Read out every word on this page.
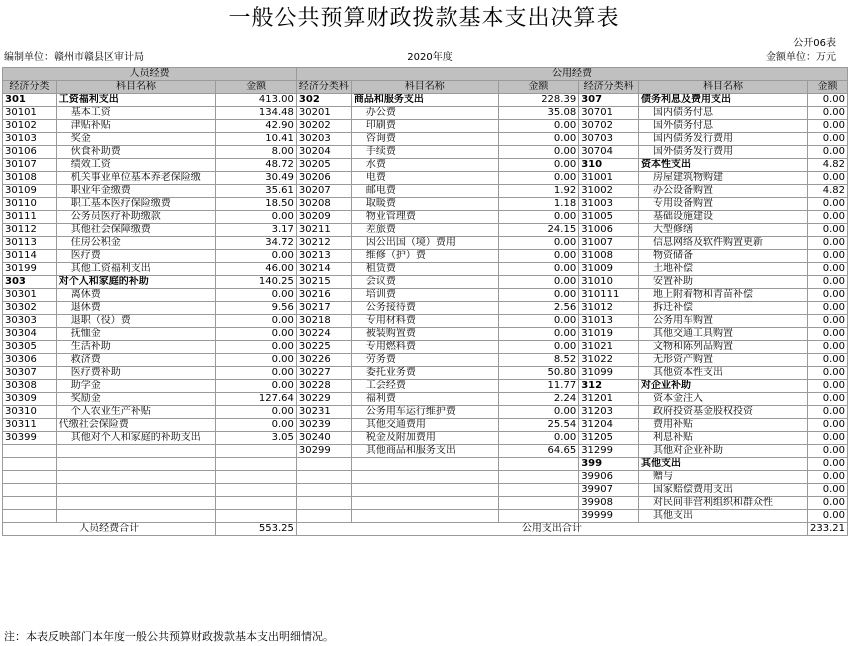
一般公共预算财政拨款基本支出决算表
公开06表
编制单位：赣州市赣县区审计局	2020年度	金额单位：万元
人员经费			公用经费					
经济分类	科目名称	金额	经济分类科	科目名称	金额	经济分类科	科目名称	金额
301	工资福利支出	413.00	302	商品和服务支出	228.39	307	债务利息及费用支出	0.00
30101	基本工资	134.48	30201	办公费	35.08	30701	国内债务付息	0.00
30102	津贴补贴	42.90	30202	印刷费	0.00	30702	国外债务付息	0.00
30103	奖金	10.41	30203	咨询费	0.00	30703	国内债务发行费用	0.00
30106	伙食补助费	8.00	30204	手续费	0.00	30704	国外债务发行费用	0.00
30107	绩效工资	48.72	30205	水费	0.00	310	资本性支出	4.82
30108	机关事业单位基本养老保险缴	30.49	30206	电费	0.00	31001	房屋建筑物购建	0.00
30109	职业年金缴费	35.61	30207	邮电费	1.92	31002	办公设备购置	4.82
30110	职工基本医疗保险缴费	18.50	30208	取暖费	1.18	31003	专用设备购置	0.00
30111	公务员医疗补助缴款	0.00	30209	物业管理费	0.00	31005	基础设施建设	0.00
30112	其他社会保障缴费	3.17	30211	差旅费	24.15	31006	大型修缮	0.00
30113	住房公积金	34.72	30212	因公出国（境）费用	0.00	31007	信息网络及软件购置更新	0.00
30114	医疗费	0.00	30213	维修（护）费	0.00	31008	物资储备	0.00
30199	其他工资福利支出	46.00	30214	租赁费	0.00	31009	土地补偿	0.00
303	对个人和家庭的补助	140.25	30215	会议费	0.00	31010	安置补助	0.00
30301	离休费	0.00	30216	培训费	0.00	310111	地上附着物和青苗补偿	0.00
30302	退休费	9.56	30217	公务接待费	2.56	31012	拆迁补偿	0.00
30303	退职（役）费	0.00	30218	专用材料费	0.00	31013	公务用车购置	0.00
30304	抚恤金	0.00	30224	被装购置费	0.00	31019	其他交通工具购置	0.00
30305	生活补助	0.00	30225	专用燃料费	0.00	31021	文物和陈列品购置	0.00
30306	救济费	0.00	30226	劳务费	8.52	31022	无形资产购置	0.00
30307	医疗费补助	0.00	30227	委托业务费	50.80	31099	其他资本性支出	0.00
30308	助学金	0.00	30228	工会经费	11.77	312	对企业补助	0.00
30309	奖励金	127.64	30229	福利费	2.24	31201	资本金注入	0.00
30310	个人农业生产补贴	0.00	30231	公务用车运行维护费	0.00	31203	政府投资基金股权投资	0.00
30311	代缴社会保险费	0.00	30239	其他交通费用	25.54	31204	费用补贴	0.00
30399	其他对个人和家庭的补助支出	3.05	30240	税金及附加费用	0.00	31205	利息补贴	0.00
			30299	其他商品和服务支出	64.65	31299	其他对企业补助	0.00
						399	其他支出	0.00
						39906	赠与	0.00
						39907	国家赔偿费用支出	0.00
						39908	对民间非营利组织和群众性	0.00
						39999	其他支出	0.00
人员经费合计		553.25	公用支出合计					233.21
注：本表反映部门本年度一般公共预算财政拨款基本支出明细情况。
